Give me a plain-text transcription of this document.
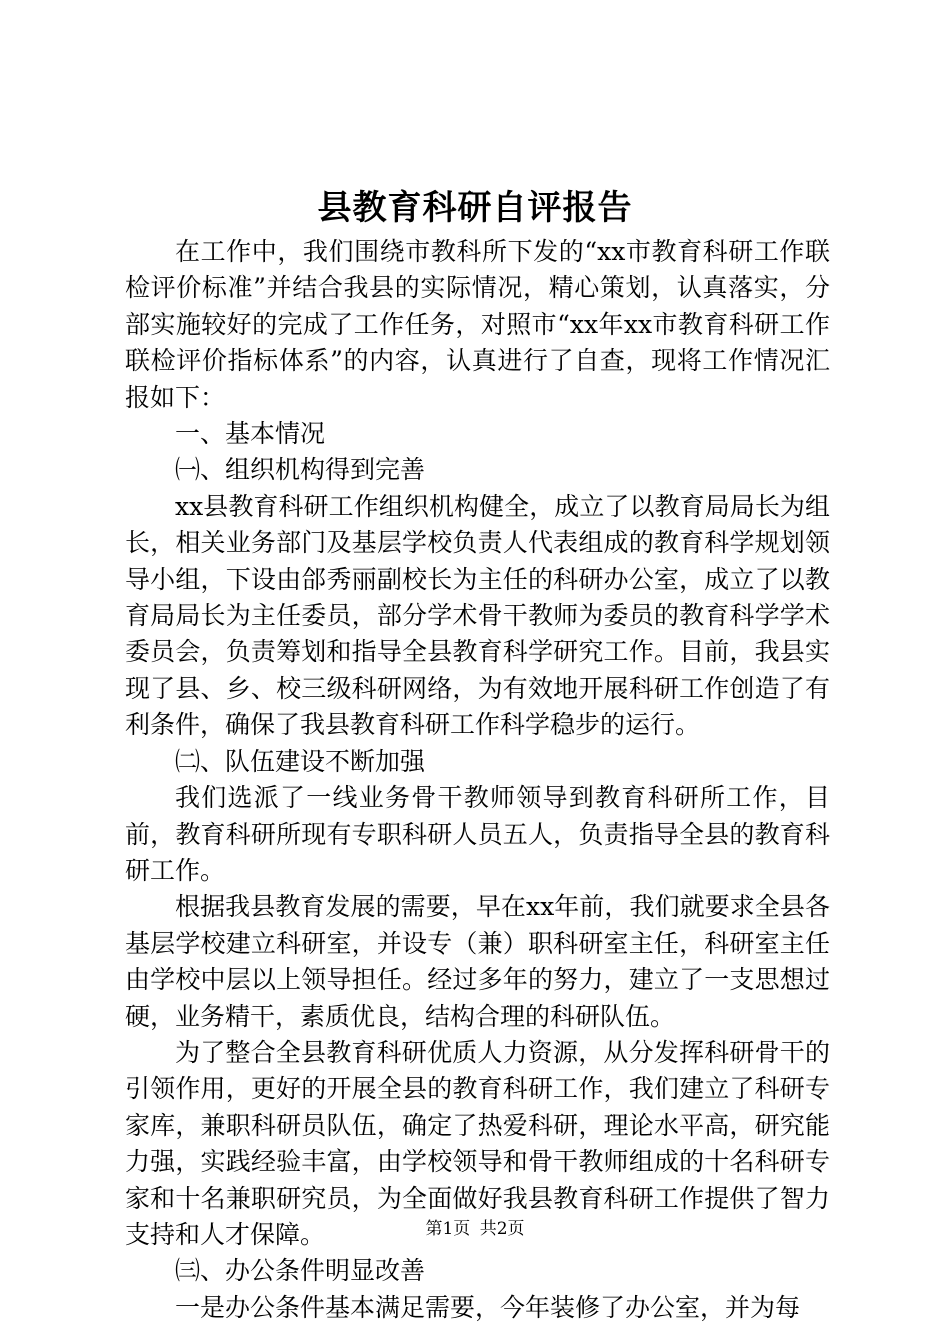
县教育科研自评报告

在工作中，我们围绕市教科所下发的“xx市教育科研工作联检评价标准”并结合我县的实际情况，精心策划，认真落实，分部实施较好的完成了工作任务，对照市“xx年xx市教育科研工作联检评价指标体系”的内容，认真进行了自查，现将工作情况汇报如下：

一、基本情况

㈠、组织机构得到完善

xx县教育科研工作组织机构健全，成立了以教育局局长为组长，相关业务部门及基层学校负责人代表组成的教育科学规划领导小组，下设由郃秀丽副校长为主任的科研办公室，成立了以教育局局长为主任委员，部分学术骨干教师为委员的教育科学学术委员会，负责筹划和指导全县教育科学研究工作。目前，我县实现了县、乡、校三级科研网络，为有效地开展科研工作创造了有利条件，确保了我县教育科研工作科学稳步的运行。

㈡、队伍建设不断加强

我们选派了一线业务骨干教师领导到教育科研所工作，目前，教育科研所现有专职科研人员五人，负责指导全县的教育科研工作。

根据我县教育发展的需要，早在xx年前，我们就要求全县各基层学校建立科研室，并设专（兼）职科研室主任，科研室主任由学校中层以上领导担任。经过多年的努力，建立了一支思想过硬，业务精干，素质优良，结构合理的科研队伍。

为了整合全县教育科研优质人力资源，从分发挥科研骨干的引领作用，更好的开展全县的教育科研工作，我们建立了科研专家库，兼职科研员队伍，确定了热爱科研，理论水平高，研究能力强，实践经验丰富，由学校领导和骨干教师组成的十名科研专家和十名兼职研究员，为全面做好我县教育科研工作提供了智力支持和人才保障。

㈢、办公条件明显改善

一是办公条件基本满足需要，今年装修了办公室，并为每

第1页 共2页
